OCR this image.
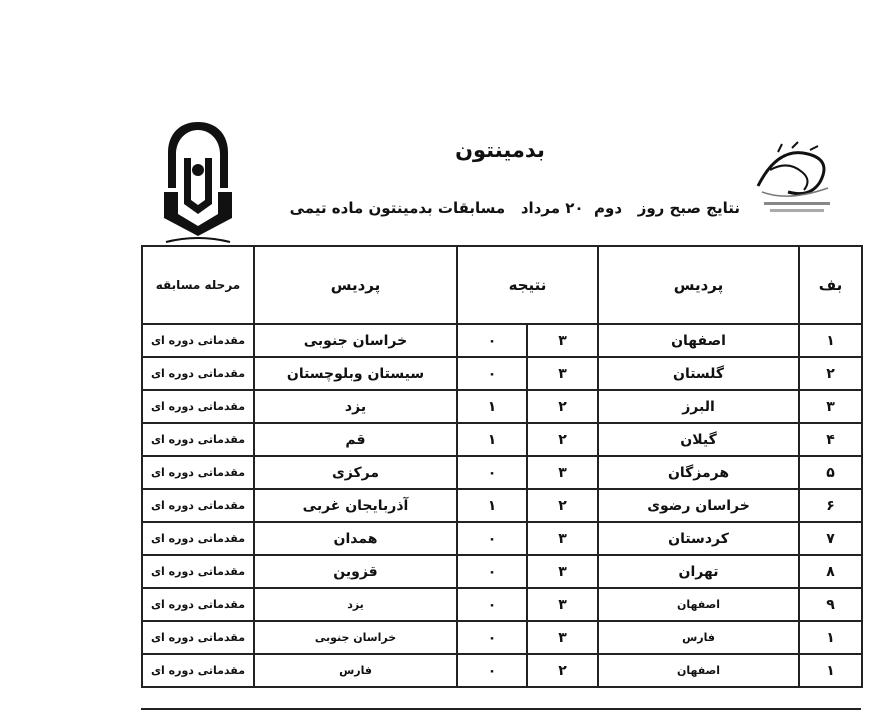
بدمینتون
نتایج صبح روز   دوم  ۲۰ مرداد   مسابقات بدمینتون ماده تیمی
بف	پردیس	نتیجه		پردیس	مرحله مسابقه
۱	اصفهان	۳	۰	خراسان جنوبی	مقدماتی دوره ای
۲	گلستان	۳	۰	سیستان وبلوچستان	مقدماتی دوره ای
۳	البرز	۲	۱	یزد	مقدماتی دوره ای
۴	گیلان	۲	۱	قم	مقدماتی دوره ای
۵	هرمزگان	۳	۰	مرکزی	مقدماتی دوره ای
۶	خراسان رضوی	۲	۱	آذربایجان غربی	مقدماتی دوره ای
۷	کردستان	۳	۰	همدان	مقدماتی دوره ای
۸	تهران	۳	۰	قزوین	مقدماتی دوره ای
۹	اصفهان	۳	۰	یزد	مقدماتی دوره ای
۱	فارس	۳	۰	خراسان جنوبی	مقدماتی دوره ای
۱	اصفهان	۲	۰	فارس	مقدماتی دوره ای
